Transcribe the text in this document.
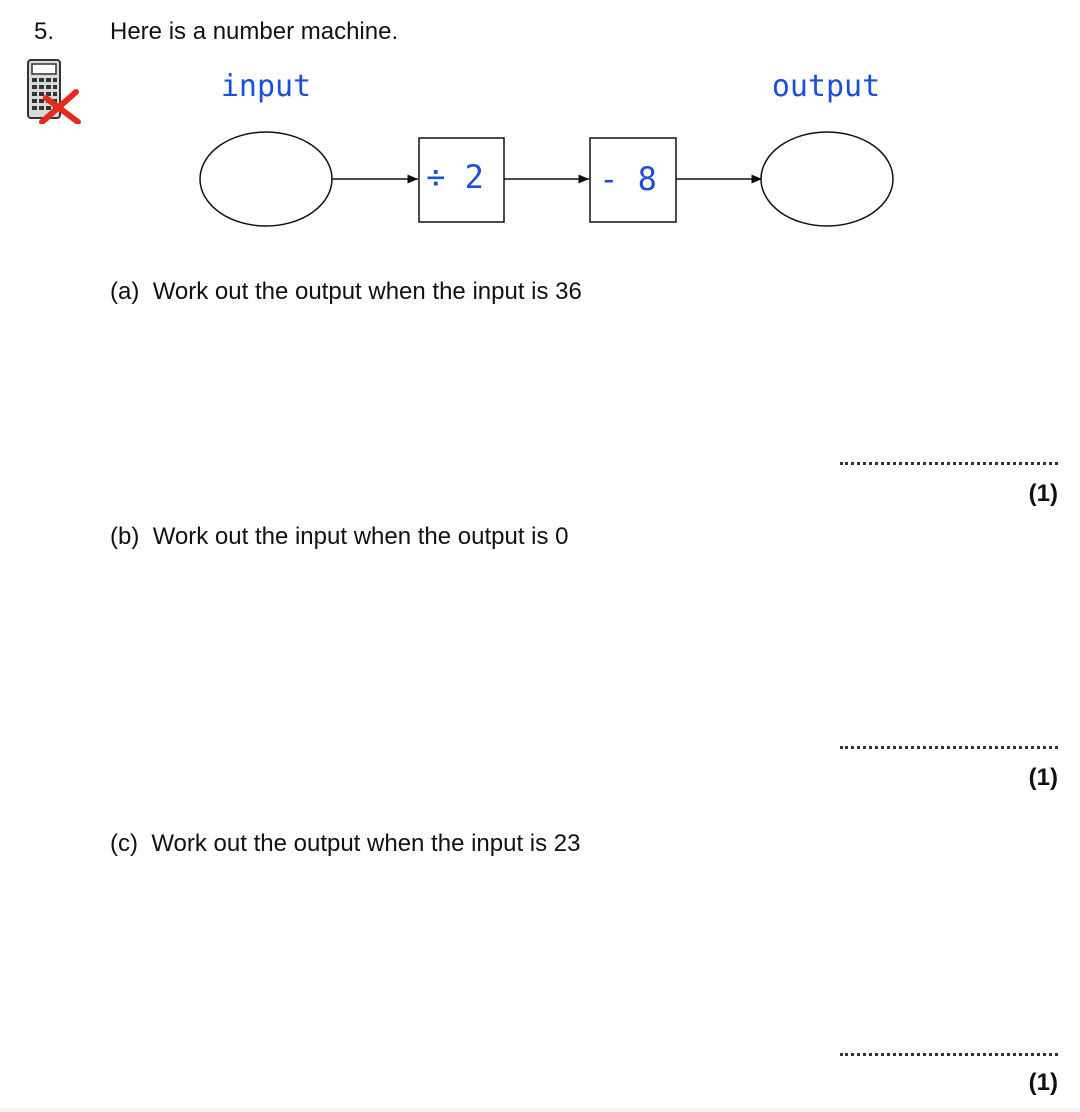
5. Here is a number machine.
input	output
÷ 2	- 8
(a) Work out the output when the input is 36
(1)
(b) Work out the input when the output is 0
(1)
(c) Work out the output when the input is 23
(1)
